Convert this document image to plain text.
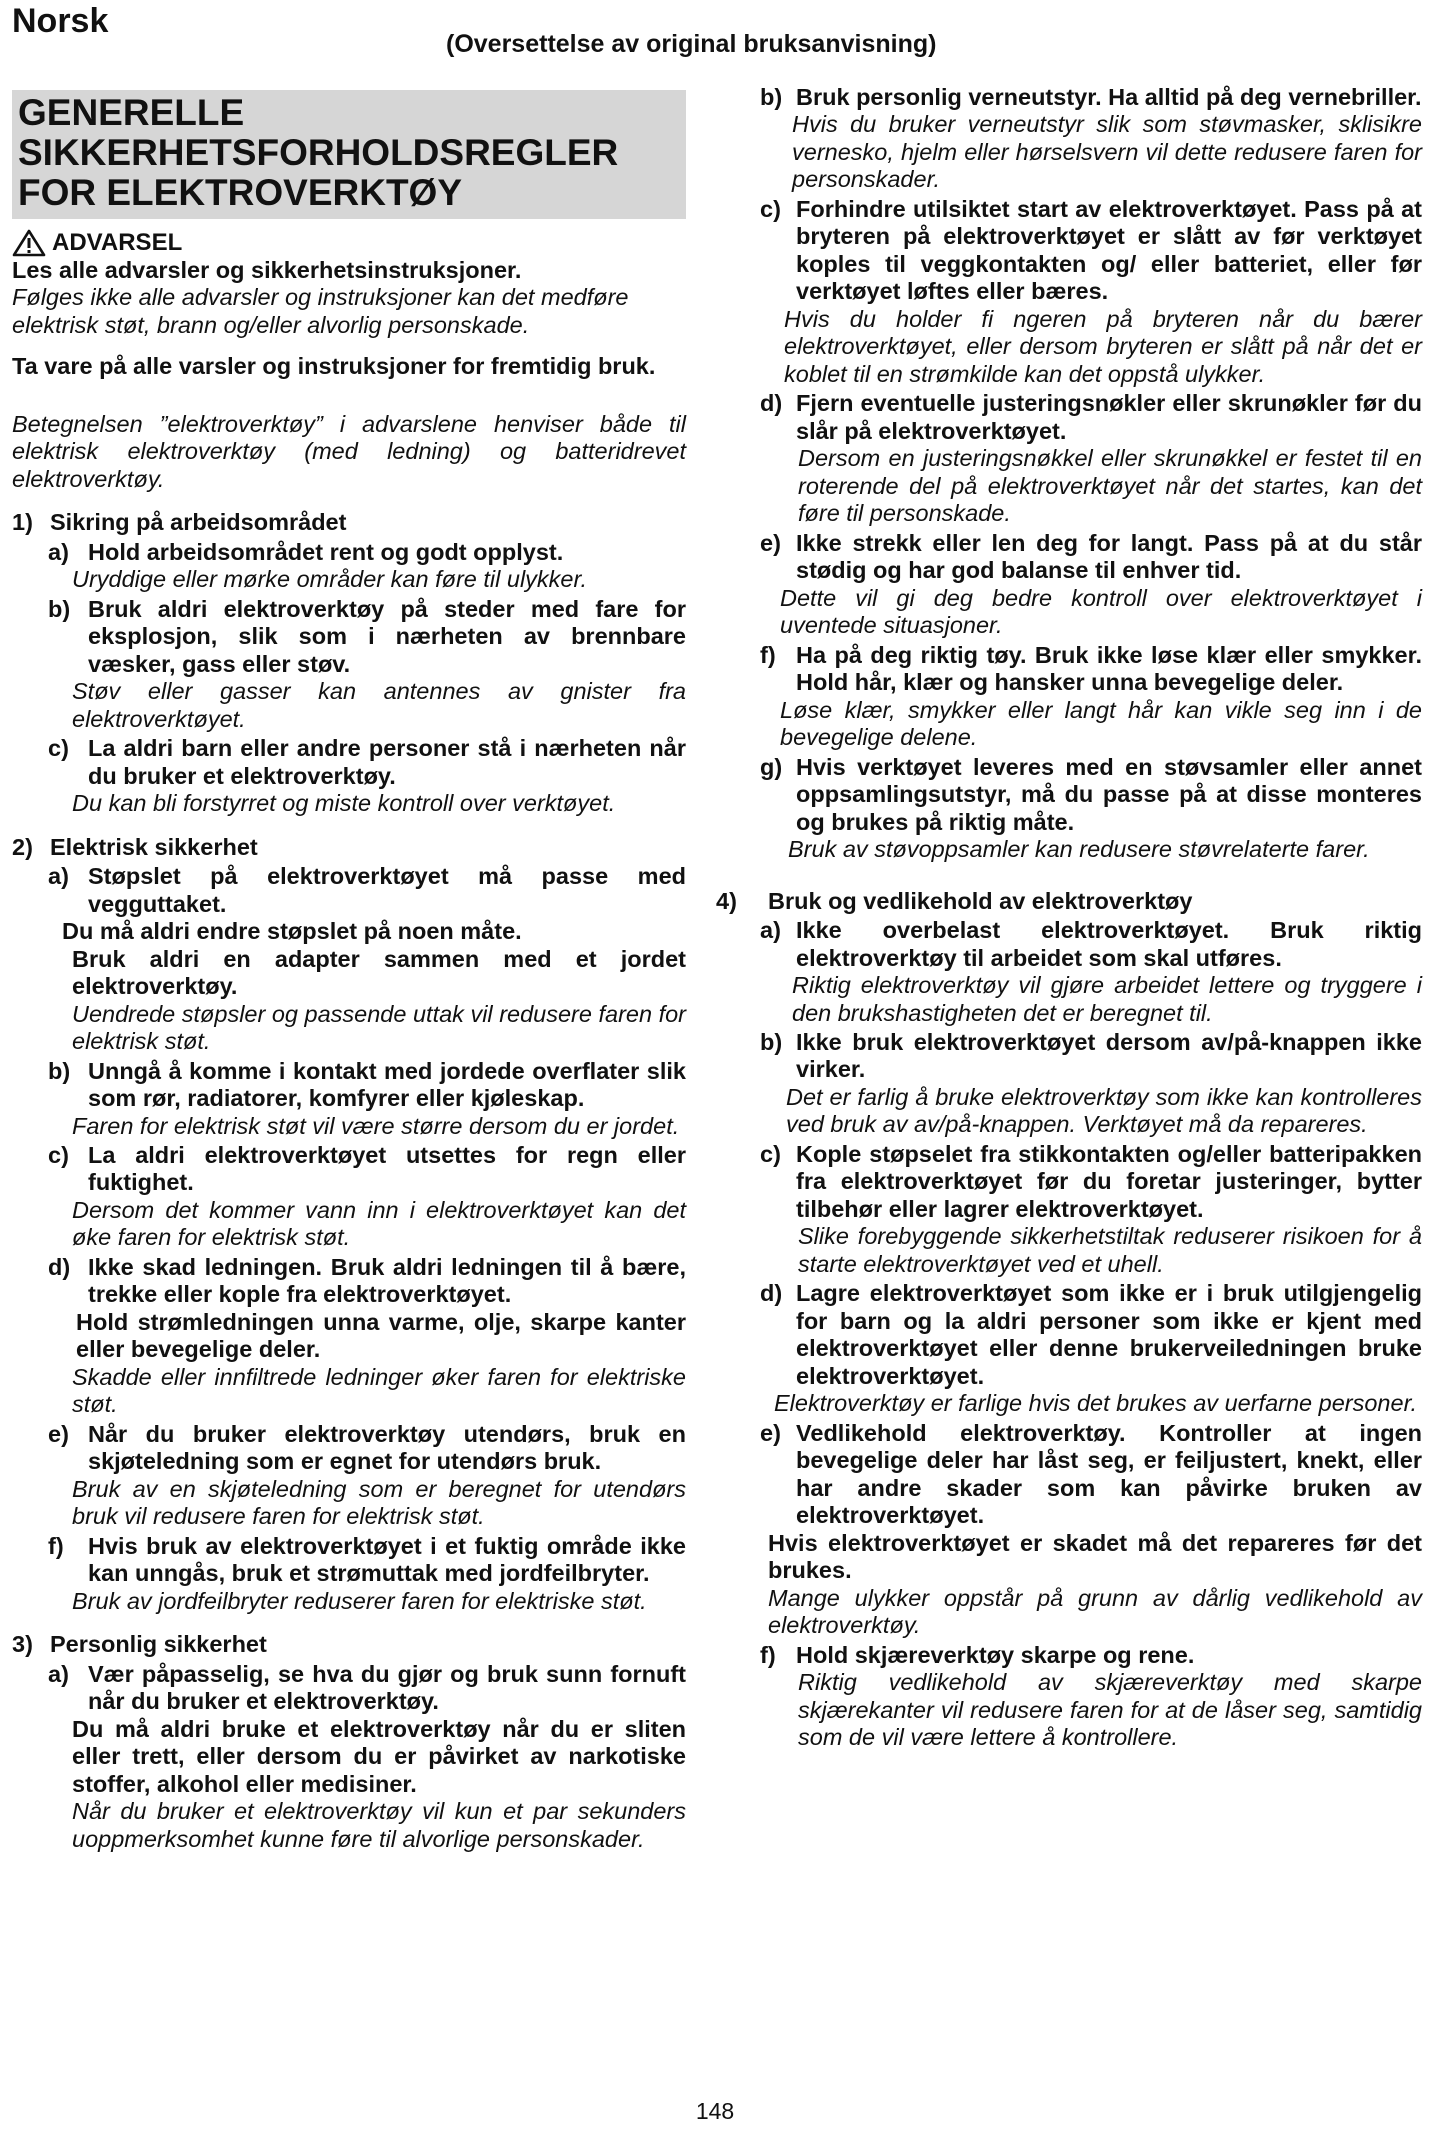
Norsk
(Oversettelse av original bruksanvisning)
GENERELLE
SIKKERHETSFORHOLDSREGLER
FOR ELEKTROVERKTØY
ADVARSEL

Les alle advarsler og sikkerhetsinstruksjoner.

Følges ikke alle advarsler og instruksjoner kan det medføre elektrisk støt, brann og/eller alvorlig personskade.

Ta vare på alle varsler og instruksjoner for fremtidig bruk.

Betegnelsen ”elektroverktøy” i advarslene henviser både til elektrisk elektroverktøy (med ledning) og batteridrevet elektroverktøy.

1) Sikring på arbeidsområdet
a) Hold arbeidsområdet rent og godt opplyst.

Uryddige eller mørke områder kan føre til ulykker.

b) Bruk aldri elektroverktøy på steder med fare for eksplosjon, slik som i nærheten av brennbare væsker, gass eller støv.

Støv eller gasser kan antennes av gnister fra elektroverktøyet.

c) La aldri barn eller andre personer stå i nærheten når du bruker et elektroverktøy.

Du kan bli forstyrret og miste kontroll over verktøyet.

2) Elektrisk sikkerhet
a) Støpslet på elektroverktøyet må passe med vegguttaket.

Du må aldri endre støpslet på noen måte.

Bruk aldri en adapter sammen med et jordet elektroverktøy.

Uendrede støpsler og passende uttak vil redusere faren for elektrisk støt.

b) Unngå å komme i kontakt med jordede overflater slik som rør, radiatorer, komfyrer eller kjøleskap.

Faren for elektrisk støt vil være større dersom du er jordet.

c) La aldri elektroverktøyet utsettes for regn eller fuktighet.

Dersom det kommer vann inn i elektroverktøyet kan det øke faren for elektrisk støt.

d) Ikke skad ledningen. Bruk aldri ledningen til å bære, trekke eller kople fra elektroverktøyet.

Hold strømledningen unna varme, olje, skarpe kanter eller bevegelige deler.

Skadde eller innfiltrede ledninger øker faren for elektriske støt.

e) Når du bruker elektroverktøy utendørs, bruk en skjøteledning som er egnet for utendørs bruk.

Bruk av en skjøteledning som er beregnet for utendørs bruk vil redusere faren for elektrisk støt.

f)	Hvis bruk av elektroverktøyet i et fuktig område ikke kan unngås, bruk et strømuttak med jordfeilbryter.

Bruk av jordfeilbryter reduserer faren for elektriske støt.

3) Personlig sikkerhet
a) Vær påpasselig, se hva du gjør og bruk sunn fornuft når du bruker et elektroverktøy.

Du må aldri bruke et elektroverktøy når du er sliten eller trett, eller dersom du er påvirket av narkotiske stoffer, alkohol eller medisiner.

Når du bruker et elektroverktøy vil kun et par sekunders uoppmerksomhet kunne føre til alvorlige personskader.

b) Bruk personlig verneutstyr. Ha alltid på deg vernebriller.

Hvis du bruker verneutstyr slik som støvmasker, sklisikre vernesko, hjelm eller hørselsvern vil dette redusere faren for personskader.

c) Forhindre utilsiktet start av elektroverktøyet. Pass på at bryteren på elektroverktøyet er slått av før verktøyet koples til veggkontakten og/ eller batteriet, eller før verktøyet løftes eller bæres.

Hvis du holder fi ngeren på bryteren når du bærer elektroverktøyet, eller dersom bryteren er slått på når det er koblet til en strømkilde kan det oppstå ulykker.

d) Fjern eventuelle justeringsnøkler eller skrunøkler før du slår på elektroverktøyet.

Dersom en justeringsnøkkel eller skrunøkkel er festet til en roterende del på elektroverktøyet når det startes, kan det føre til personskade.

e) Ikke strekk eller len deg for langt. Pass på at du står stødig og har god balanse til enhver tid.

Dette vil gi deg bedre kontroll over elektroverktøyet i uventede situasjoner.

f) Ha på deg riktig tøy. Bruk ikke løse klær eller smykker. Hold hår, klær og hansker unna bevegelige deler.

Løse klær, smykker eller langt hår kan vikle seg inn i de bevegelige delene.

g) Hvis verktøyet leveres med en støvsamler eller annet oppsamlingsutstyr, må du passe på at disse monteres og brukes på riktig måte.

Bruk av støvoppsamler kan redusere støvrelaterte farer.

4)	Bruk og vedlikehold av elektroverktøy
a) Ikke overbelast elektroverktøyet. Bruk riktig elektroverktøy til arbeidet som skal utføres.

Riktig elektroverktøy vil gjøre arbeidet lettere og tryggere i den brukshastigheten det er beregnet til.

b) Ikke bruk elektroverktøyet dersom av/på-knappen ikke virker.

Det er farlig å bruke elektroverktøy som ikke kan kontrolleres ved bruk av av/på-knappen. Verktøyet må da repareres.

c) Kople støpselet fra stikkontakten og/eller batteripakken fra elektroverktøyet før du foretar justeringer, bytter tilbehør eller lagrer elektroverktøyet.

Slike forebyggende sikkerhetstiltak reduserer risikoen for å starte elektroverktøyet ved et uhell.

d) Lagre elektroverktøyet som ikke er i bruk utilgjengelig for barn og la aldri personer som ikke er kjent med elektroverktøyet eller denne brukerveiledningen bruke elektroverktøyet.

Elektroverktøy er farlige hvis det brukes av uerfarne personer.

e) Vedlikehold elektroverktøy. Kontroller at ingen bevegelige deler har låst seg, er feiljustert, knekt, eller har andre skader som kan påvirke bruken av elektroverktøyet.

Hvis elektroverktøyet er skadet må det repareres før det brukes.

Mange ulykker oppstår på grunn av dårlig vedlikehold av elektroverktøy.

f) Hold skjæreverktøy skarpe og rene.

Riktig vedlikehold av skjæreverktøy med skarpe skjærekanter vil redusere faren for at de låser seg, samtidig som de vil være lettere å kontrollere.

148
